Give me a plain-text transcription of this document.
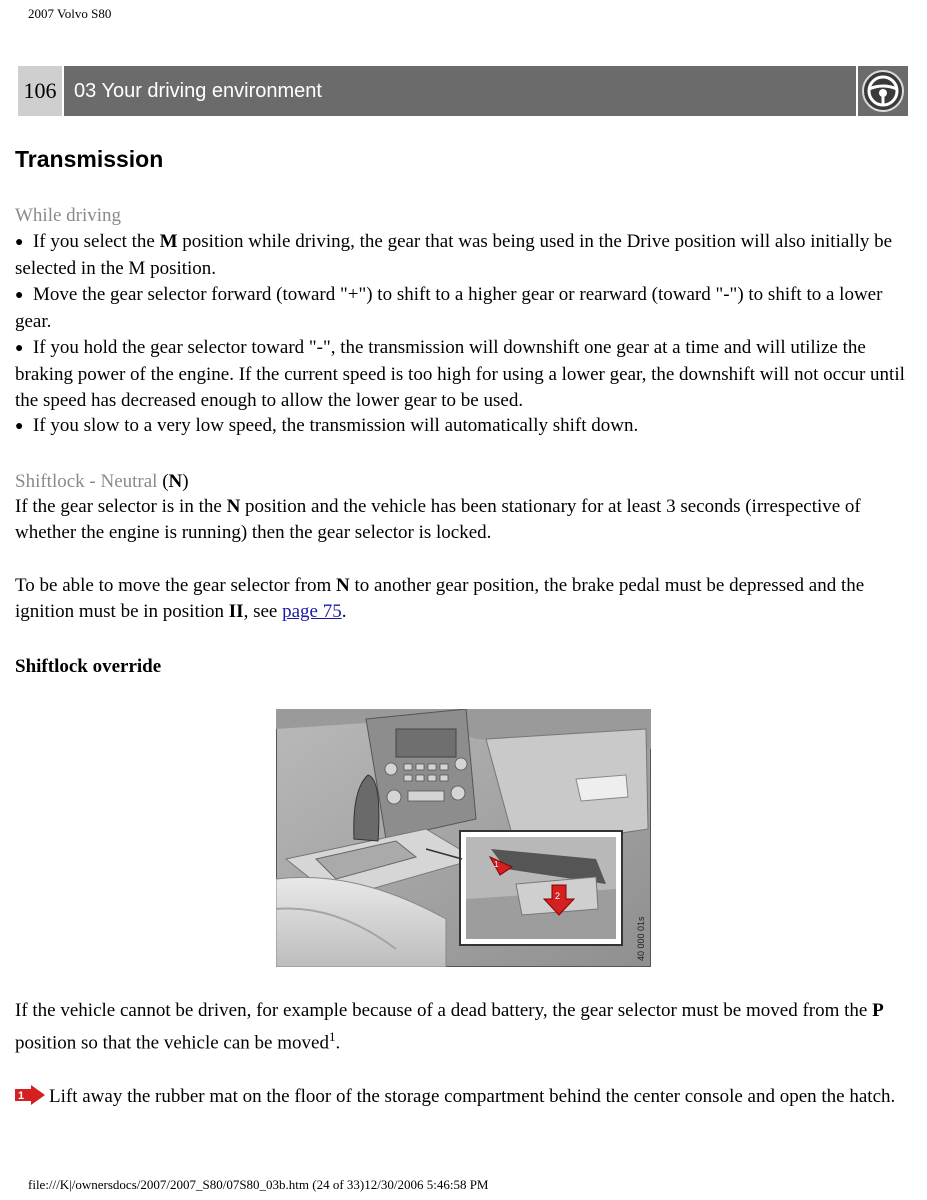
2007 Volvo S80
106 03 Your driving environment
Transmission

While driving

● If you select the M position while driving, the gear that was being used in the Drive position will also initially be selected in the M position.

● Move the gear selector forward (toward "+") to shift to a higher gear or rearward (toward "-") to shift to a lower gear.

● If you hold the gear selector toward "-", the transmission will downshift one gear at a time and will utilize the braking power of the engine. If the current speed is too high for using a lower gear, the downshift will not occur until the speed has decreased enough to allow the lower gear to be used.

● If you slow to a very low speed, the transmission will automatically shift down.

Shiftlock - Neutral (N)

If the gear selector is in the N position and the vehicle has been stationary for at least 3 seconds (irrespective of whether the engine is running) then the gear selector is locked.

To be able to move the gear selector from N to another gear position, the brake pedal must be depressed and the ignition must be in position II, see page 75.

Shiftlock override

1
2
40 000 01s

If the vehicle cannot be driven, for example because of a dead battery, the gear selector must be moved from the P position so that the vehicle can be moved$^1$.

1 Lift away the rubber mat on the floor of the storage compartment behind the center console and open the hatch.

file:///K|/ownersdocs/2007/2007_S80/07S80_03b.htm (24 of 33)12/30/2006 5:46:58 PM
